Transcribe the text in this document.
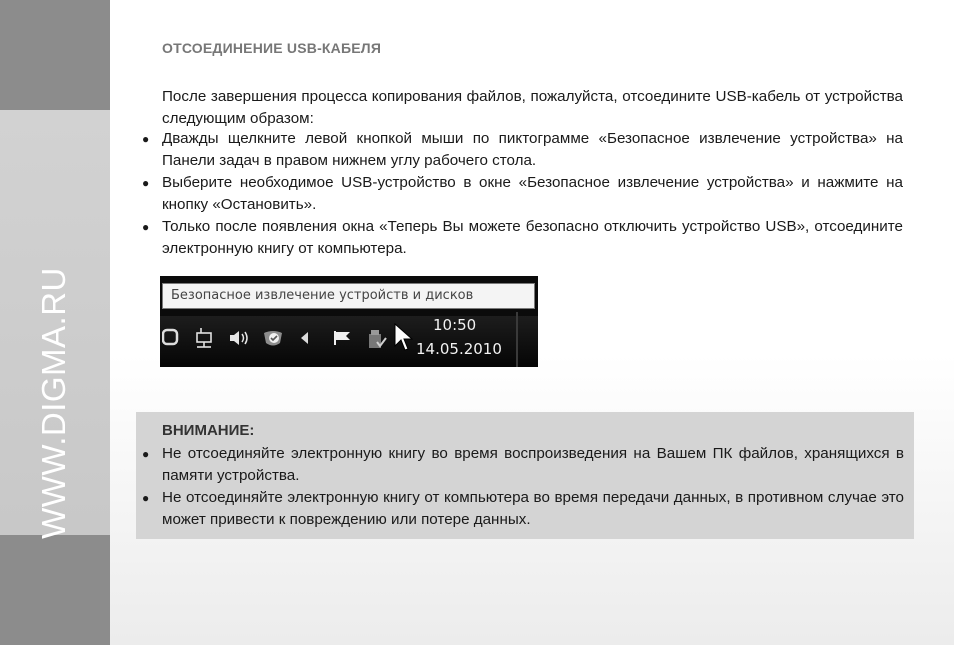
WWW.DIGMA.RU
ОТСОЕДИНЕНИЕ USB-КАБЕЛЯ
После завершения процесса копирования файлов, пожалуйста, отсоедините USB-кабель от устройства следующим образом:
● Дважды щелкните левой кнопкой мыши по пиктограмме «Безопасное извлечение устройства» на Панели задач в правом нижнем углу рабочего стола.
● Выберите необходимое USB-устройство в окне «Безопасное извлечение устройства» и нажмите на кнопку «Остановить».
● Только после появления окна «Теперь Вы можете безопасно отключить устройство USB», отсоедините электронную книгу от компьютера.
Безопасное извлечение устройств и дисков
10:50
14.05.2010
ВНИМАНИЕ:
● Не отсоединяйте электронную книгу во время воспроизведения на Вашем ПК файлов, хранящихся в памяти устройства.
● Не отсоединяйте электронную книгу от компьютера во время передачи данных, в противном случае это может привести к повреждению или потере данных.
